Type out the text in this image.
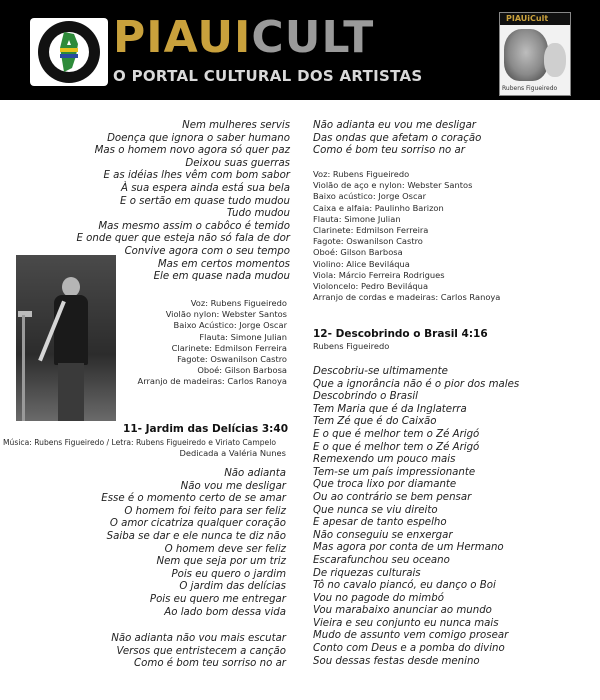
PIAUICULT
O PORTAL CULTURAL DOS ARTISTAS
PIAUiCult
Rubens Figueiredo
Nem mulheres servis
Doença que ignora o saber humano
Mas o homem novo agora só quer paz
Deixou suas guerras
E as idéias lhes vêm com bom sabor
À sua espera ainda está sua bela
E o sertão em quase tudo mudou
Tudo mudou
Mas mesmo assim o cabôco é temido
E onde quer que esteja não só fala de dor
Convive agora com o seu tempo
Mas em certos momentos
Ele em quase nada mudou
Voz: Rubens Figueiredo
Violão nylon: Webster Santos
Baixo Acústico: Jorge Oscar
Flauta: Simone Julian
Clarinete: Edmilson Ferreira
Fagote: Oswanilson Castro
Oboé: Gilson Barbosa
Arranjo de madeiras: Carlos Ranoya
11- Jardim das Delícias 3:40
Música: Rubens Figueiredo / Letra: Rubens Figueiredo e Viriato Campelo
Dedicada a Valéria Nunes
Não adianta
Não vou me desligar
Esse é o momento certo de se amar
O homem foi feito para ser feliz
O amor cicatriza qualquer coração
Saiba se dar e ele nunca te diz não
O homem deve ser feliz
Nem que seja por um triz
Pois eu quero o jardim
O jardim das delícias
Pois eu quero me entregar
Ao lado bom dessa vida
Não adianta não vou mais escutar
Versos que entristecem a canção
Como é bom teu sorriso no ar
Não adianta eu vou me desligar
Das ondas que afetam o coração
Como é bom teu sorriso no ar
Voz: Rubens Figueiredo
Violão de aço e nylon: Webster Santos
Baixo acústico: Jorge Oscar
Caixa e alfaia: Paulinho Barizon
Flauta: Simone Julian
Clarinete: Edmilson Ferreira
Fagote: Oswanilson Castro
Oboé: Gilson Barbosa
Violino: Alice Beviláqua
Viola: Márcio Ferreira Rodrigues
Violoncelo: Pedro Beviláqua
Arranjo de cordas e madeiras: Carlos Ranoya
12- Descobrindo o Brasil 4:16
Rubens Figueiredo
Descobriu-se ultimamente
Que a ignorância não é o pior dos males
Descobrindo o Brasil
Tem Maria que é da Inglaterra
Tem Zé que é do Caixão
E o que é melhor tem o Zé Arigó
E o que é melhor tem o Zé Arigó
Remexendo um pouco mais
Tem-se um país impressionante
Que troca lixo por diamante
Ou ao contrário se bem pensar
Que nunca se viu direito
E apesar de tanto espelho
Não conseguiu se enxergar
Mas agora por conta de um Hermano
Escarafunchou seu oceano
De riquezas culturais
Tô no cavalo piancó, eu danço o Boi
Vou no pagode do mimbó
Vou marabaixo anunciar ao mundo
Vieira e seu conjunto eu nunca mais
Mudo de assunto vem comigo prosear
Conto com Deus e a pomba do divino
Sou dessas festas desde menino
